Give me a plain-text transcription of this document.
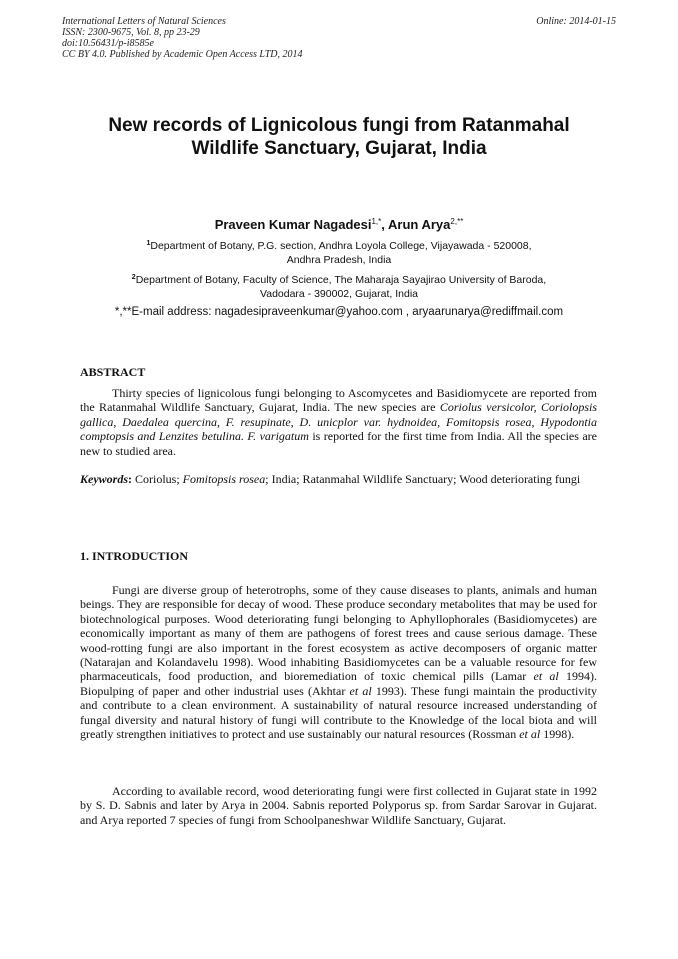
International Letters of Natural Sciences
ISSN: 2300-9675, Vol. 8, pp 23-29
doi:10.56431/p-i8585e
CC BY 4.0. Published by Academic Open Access LTD, 2014
Online: 2014-01-15
New records of Lignicolous fungi from Ratanmahal
Wildlife Sanctuary, Gujarat, India
Praveen Kumar Nagadesi$^{1,*}$, Arun Arya$^{2,**}$
$^1$Department of Botany, P.G. section, Andhra Loyola College, Vijayawada - 520008,
Andhra Pradesh, India
$^2$Department of Botany, Faculty of Science, The Maharaja Sayajirao University of Baroda,
Vadodara - 390002, Gujarat, India
*,**E-mail address: nagadesipraveenkumar@yahoo.com , aryaarunarya@rediffmail.com
ABSTRACT
Thirty species of lignicolous fungi belonging to Ascomycetes and Basidiomycete are reported from the Ratanmahal Wildlife Sanctuary, Gujarat, India. The new species are Coriolus versicolor, Coriolopsis gallica, Daedalea quercina, F. resupinate, D. unicplor var. hydnoidea, Fomitopsis rosea, Hypodontia comptopsis and Lenzites betulina. F. varigatum is reported for the first time from India. All the species are new to studied area.
Keywords: Coriolus; Fomitopsis rosea; India; Ratanmahal Wildlife Sanctuary; Wood deteriorating fungi
1. INTRODUCTION
Fungi are diverse group of heterotrophs, some of they cause diseases to plants, animals and human beings. They are responsible for decay of wood. These produce secondary metabolites that may be used for biotechnological purposes. Wood deteriorating fungi belonging to Aphyllophorales (Basidiomycetes) are economically important as many of them are pathogens of forest trees and cause serious damage. These wood-rotting fungi are also important in the forest ecosystem as active decomposers of organic matter (Natarajan and Kolandavelu 1998). Wood inhabiting Basidiomycetes can be a valuable resource for few pharmaceuticals, food production, and bioremediation of toxic chemical pills (Lamar et al 1994). Biopulping of paper and other industrial uses (Akhtar et al 1993). These fungi maintain the productivity and contribute to a clean environment. A sustainability of natural resource increased understanding of fungal diversity and natural history of fungi will contribute to the Knowledge of the local biota and will greatly strengthen initiatives to protect and use sustainably our natural resources (Rossman et al 1998).
According to available record, wood deteriorating fungi were first collected in Gujarat state in 1992 by S. D. Sabnis and later by Arya in 2004. Sabnis reported Polyporus sp. from Sardar Sarovar in Gujarat. and Arya reported 7 species of fungi from Schoolpaneshwar Wildlife Sanctuary, Gujarat.
